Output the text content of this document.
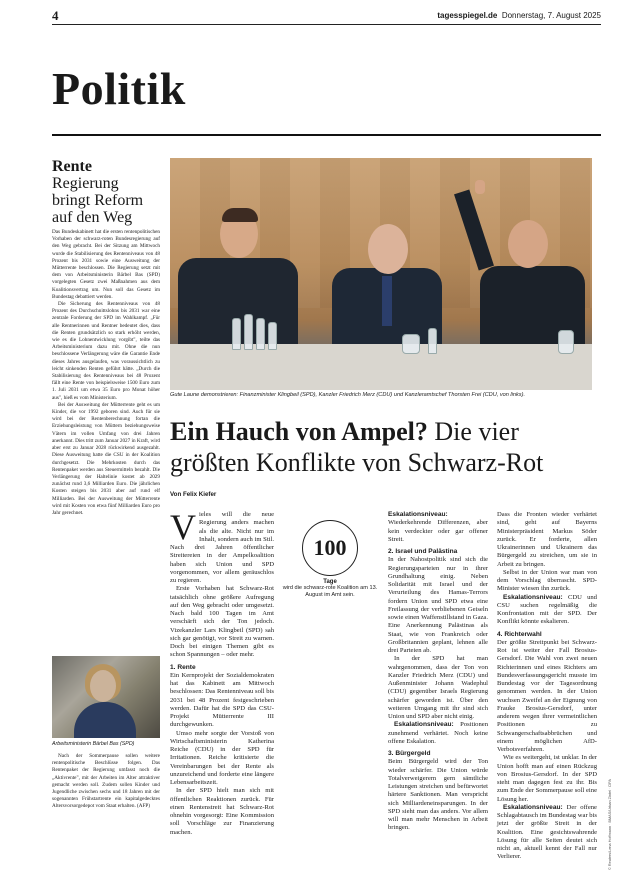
4	tagesspiegel.de Donnerstag, 7. August 2025
Politik
Rente Regierung bringt Reform auf den Weg

Das Bundeskabinett hat die ersten rentenpolitischen Vorhaben der schwarz-roten Bundesregierung auf den Weg gebracht. Bei der Sitzung am Mittwoch wurde die Stabilisierung des Rentenniveaus von 48 Prozent bis 2031 sowie eine Ausweitung der Mütterrente beschlossen. Die Regierung setzt mit dem von Arbeitsministerin Bärbel Bas (SPD) vorgelegten Gesetz zwei Maßnahmen aus dem Koalitionsvertrag um. Nun soll das Gesetz im Bundestag debattiert werden.

Die Sicherung des Rentenniveaus von 48 Prozent des Durchschnittslohns bis 2031 war eine zentrale Forderung der SPD im Wahlkampf. „Für alle Rentnerinnen und Rentner bedeutet dies, dass die Renten grundsätzlich so stark erhöht werden, wie es die Lohnentwicklung vorgibt", teilte das Arbeitsministerium dazu mit. Ohne die nun beschlossene Verlängerung wäre die Garantie Ende dieses Jahres ausgelaufen, was voraussichtlich zu leicht sinkenden Renten geführt hätte. „Durch die Stabilisierung des Rentenniveaus bei 48 Prozent fällt eine Rente von beispielsweise 1500 Euro zum 1. Juli 2031 um etwa 35 Euro pro Monat höher aus", hieß es vom Ministerium.

Bei der Ausweitung der Mütterrente geht es um Kinder, die vor 1992 geboren sind. Auch für sie wird bei der Rentenberechnung fortan die Erziehungsleistung von Müttern beziehungsweise Vätern im vollen Umfang von drei Jahren anerkannt. Dies tritt zum Januar 2027 in Kraft, wird aber erst zu Januar 2028 rückwirkend ausgezahlt. Diese Ausweitung hatte die CSU in der Koalition durchgesetzt. Die Mehrkosten durch das Rentenpaket werden aus Steuermitteln bezahlt. Die Verlängerung der Haltelinie kostet ab 2029 zunächst rund 3,6 Milliarden Euro. Die jährlichen Kosten steigen bis 2031 aber auf rund elf Milliarden. Bei der Ausweitung der Mütterrente wird mit Kosten von etwa fünf Milliarden Euro pro Jahr gerechnet.

Arbeitsministerin Bärbel Bas (SPD)

Nach der Sommerpause sollen weitere rentenpolitische Beschlüsse folgen. Das Rentenpaket der Regierung umfasst noch die „Aktivrente", mit der Arbeiten im Alter attraktiver gemacht werden soll. Zudem sollen Kinder und Jugendliche zwischen sechs und 18 Jahren mit der sogenannten Frühstartrente ein kapitalgedecktes Altersvorsorgedepot vom Staat erhalten. (AFP)

Gute Laune demonstrieren: Finanzminister Klingbeil (SPD), Kanzler Friedrich Merz (CDU) und Kanzleramtschef Thorsten Frei (CDU, von links).
Ein Hauch von Ampel? Die vier größten Konflikte von Schwarz-Rot
Von Felix Kiefer

Vieles will die neue Regierung anders machen als die alte. Nicht nur im Inhalt, sondern auch im Stil. Nach drei Jahren öffentlicher Streitereien in der Ampelkoalition haben sich Union und SPD vorgenommen, vor allem geräuschlos zu regieren.

Erste Vorhaben hat Schwarz-Rot tatsächlich ohne größere Aufregung auf den Weg gebracht oder umgesetzt. Nach bald 100 Tagen im Amt verschärft sich der Ton jedoch. Vizekanzler Lars Klingbeil (SPD) sah sich gar genötigt, vor Streit zu warnen. Doch bei einigen Themen gibt es schon Spannungen – oder mehr.

1. Rente

Ein Kernprojekt der Sozialdemokraten hat das Kabinett am Mittwoch beschlossen: Das Rentenniveau soll bis 2031 bei 48 Prozent festgeschrieben werden. Dafür hat die SPD das CSU-Projekt Mütterrente III durchgewunken.

Umso mehr sorgte der Vorstoß von Wirtschaftsministerin Katherina Reiche (CDU) in der SPD für Irritationen. Reiche kritisierte die Vereinbarungen bei der Rente als unzureichend und forderte eine längere Lebensarbeitszeit.

In der SPD hielt man sich mit öffentlichen Reaktionen zurück. Für einen Rentenstreit hat Schwarz-Rot ohnehin vorgesorgt: Eine Kommission soll Vorschläge zur Finanzierung machen.

100
Tage
wird die schwarz-rote Koalition am 13. August im Amt sein.

Eskalationsniveau: Wiederkehrende Differenzen, aber kein verdeckter oder gar offener Streit.

2. Israel und Palästina

In der Nahostpolitik sind sich die Regierungsparteien nur in ihrer Grundhaltung einig. Neben Solidarität mit Israel und der Verurteilung des Hamas-Terrors fordern Union und SPD etwa eine Freilassung der verbliebenen Geiseln sowie einen Waffenstillstand in Gaza. Eine Anerkennung Palästinas als Staat, wie von Frankreich oder Großbritannien geplant, lehnen alle drei Parteien ab.

In der SPD hat man wahrgenommen, dass der Ton von Kanzler Friedrich Merz (CDU) und Außenminister Johann Wadephul (CDU) gegenüber Israels Regierung schärfer geworden ist. Über den weiteren Umgang mit ihr sind sich Union und SPD aber nicht einig.

Eskalationsniveau: Positionen zunehmend verhärtet. Noch keine offene Eskalation.

3. Bürgergeld

Beim Bürgergeld wird der Ton wieder schärfer. Die Union würde Totalverweigerern gern sämtliche Leistungen streichen und befürwortet härtere Sanktionen. Man verspricht sich Milliardeneinsparungen. In der SPD sieht man das anders. Vor allem will man mehr Menschen in Arbeit bringen.

Dass die Fronten wieder verhärtet sind, geht auf Bayerns Ministerpräsident Markus Söder zurück. Er forderte, allen Ukrainerinnen und Ukrainern das Bürgergeld zu streichen, um sie in Arbeit zu bringen.

Selbst in der Union war man von dem Vorschlag überrascht. SPD-Minister wiesen ihn zurück.

Eskalationsniveau: CDU und CSU suchen regelmäßig die Konfrontation mit der SPD. Der Konflikt könnte eskalieren.

4. Richterwahl

Der größte Streitpunkt bei Schwarz-Rot ist weiter der Fall Brosius-Gersdorf. Die Wahl von zwei neuen Richterinnen und eines Richters am Bundesverfassungsgericht musste im Bundestag vor der Tagesordnung genommen werden. In der Union wuchsen Zweifel an der Eignung von Frauke Brosius-Gersdorf, unter anderem wegen ihrer vermeintlichen Positionen zu Schwangerschaftsabbrüchen und einem möglichen AfD-Verbotsverfahren.

Wie es weitergeht, ist unklar. In der Union hofft man auf einen Rückzug von Brosius-Gersdorf. In der SPD steht man dagegen fest zu ihr. Bis zum Ende der Sommerpause soll eine Lösung her.

Eskalationsniveau: Der offene Schlagabtausch im Bundestag war bis jetzt der größte Streit in der Koalition. Eine gesichtswahrende Lösung für alle Seiten deutet sich nicht an, aktuell kennt der Fall nur Verlierer.	© Reuters/Lena Hoffmann · BMAS/Urban Zintel · DPA
